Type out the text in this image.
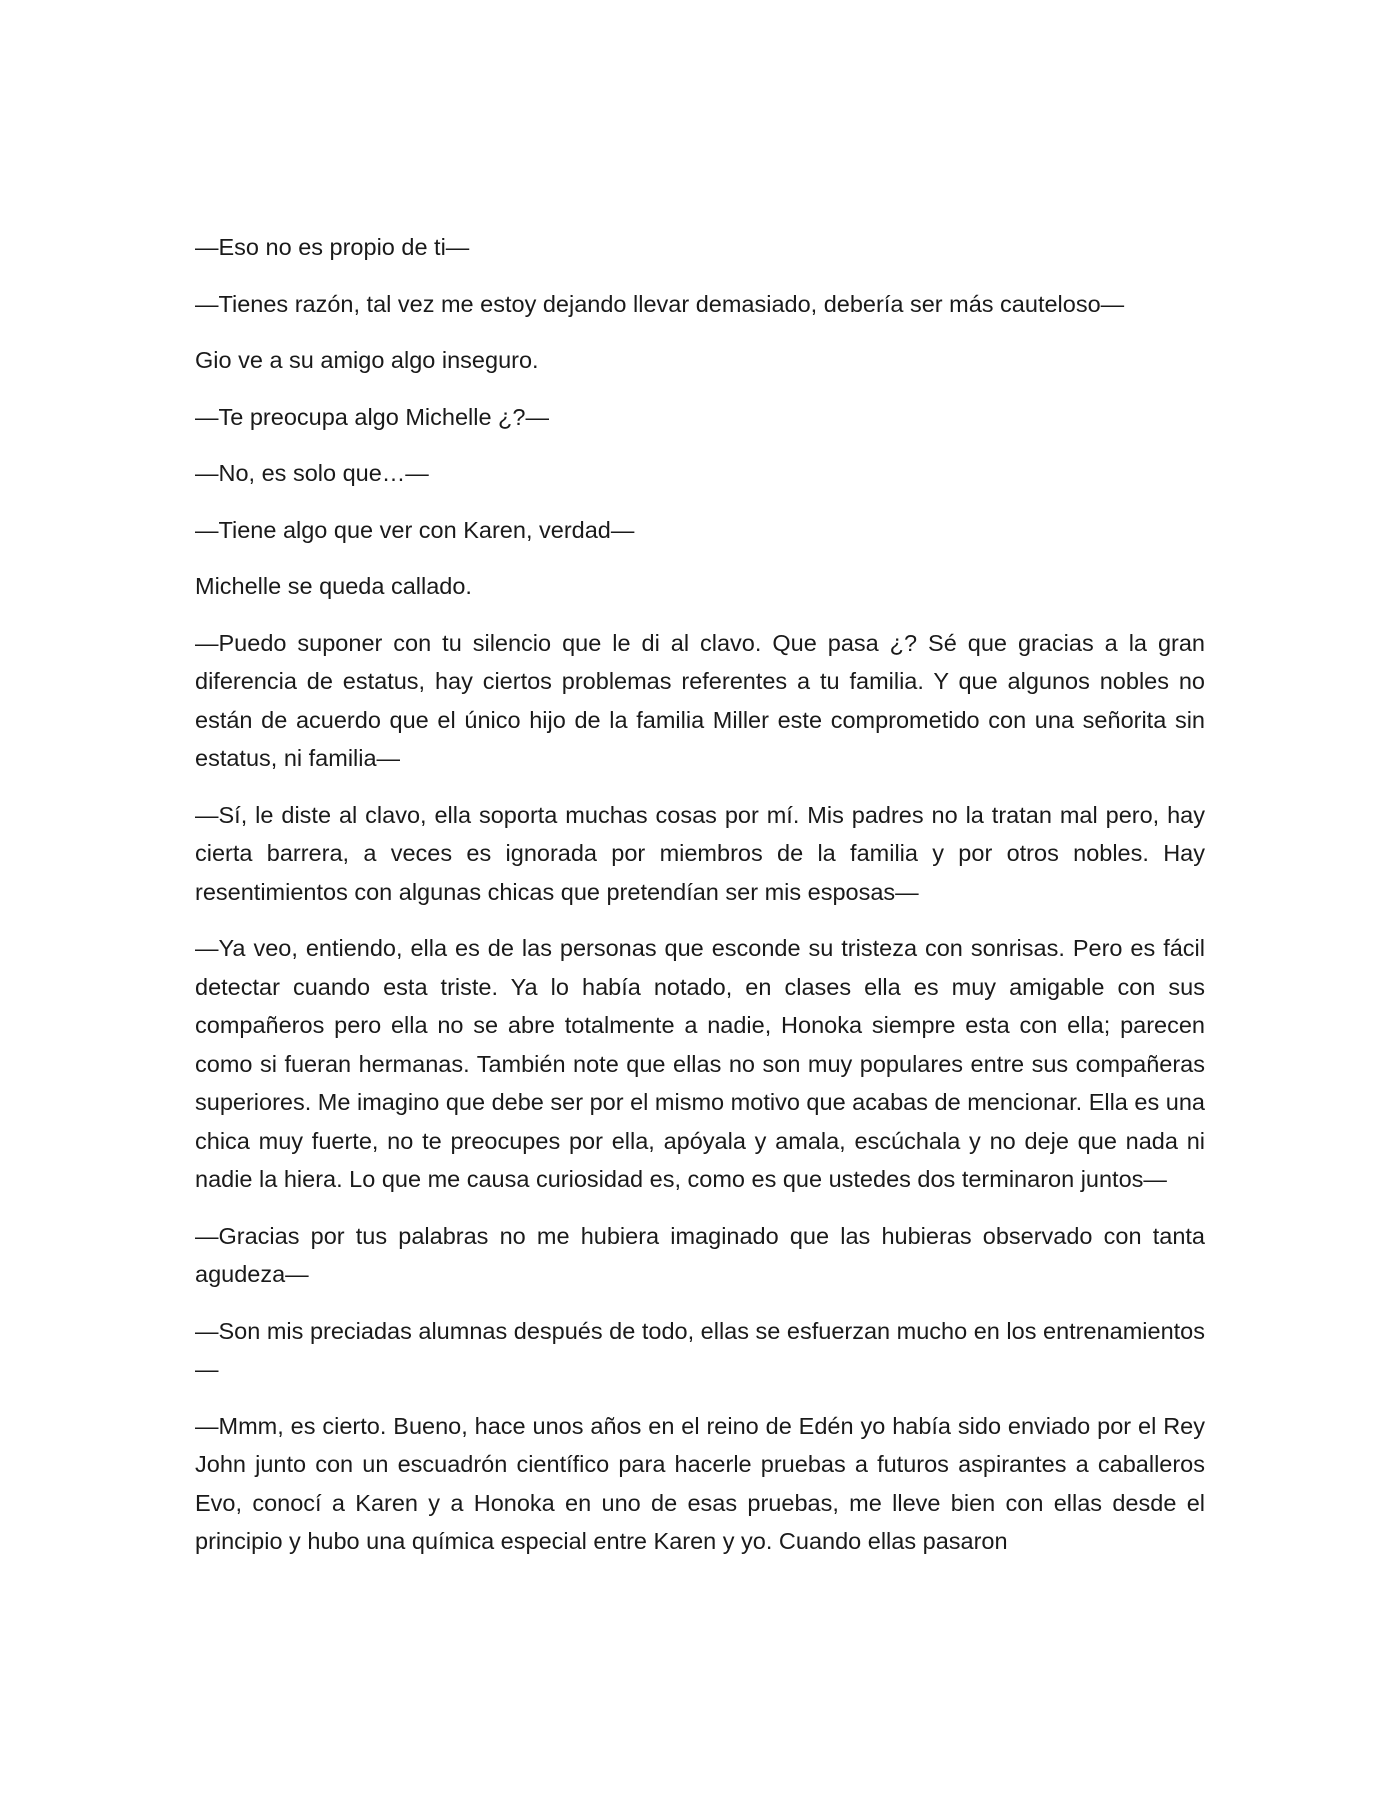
—Eso no es propio de ti—

—Tienes razón, tal vez me estoy dejando llevar demasiado, debería ser más cauteloso—

Gio ve a su amigo algo inseguro.

—Te preocupa algo Michelle ¿?—

—No, es solo que…—

—Tiene algo que ver con Karen, verdad—

Michelle se queda callado.

—Puedo suponer con tu silencio que le di al clavo. Que pasa ¿? Sé que gracias a la gran diferencia de estatus, hay ciertos problemas referentes a tu familia. Y que algunos nobles no están de acuerdo que el único hijo de la familia Miller este comprometido con una señorita sin estatus, ni familia—

—Sí, le diste al clavo, ella soporta muchas cosas por mí. Mis padres no la tratan mal pero, hay cierta barrera, a veces es ignorada por miembros de la familia y por otros nobles. Hay resentimientos con algunas chicas que pretendían ser mis esposas—

—Ya veo, entiendo, ella es de las personas que esconde su tristeza con sonrisas. Pero es fácil detectar cuando esta triste. Ya lo había notado, en clases ella es muy amigable con sus compañeros pero ella no se abre totalmente a nadie, Honoka siempre esta con ella; parecen como si fueran hermanas. También note que ellas no son muy populares entre sus compañeras superiores. Me imagino que debe ser por el mismo motivo que acabas de mencionar. Ella es una chica muy fuerte, no te preocupes por ella, apóyala y amala, escúchala y no deje que nada ni nadie la hiera. Lo que me causa curiosidad es, como es que ustedes dos terminaron juntos—

—Gracias por tus palabras no me hubiera imaginado que las hubieras observado con tanta agudeza—

—Son mis preciadas alumnas después de todo, ellas se esfuerzan mucho en los entrenamientos—

—Mmm, es cierto. Bueno, hace unos años en el reino de Edén yo había sido enviado por el Rey John junto con un escuadrón científico para hacerle pruebas a futuros aspirantes a caballeros Evo, conocí a Karen y a Honoka en uno de esas pruebas, me lleve bien con ellas desde el principio y hubo una química especial entre Karen y yo. Cuando ellas pasaron
